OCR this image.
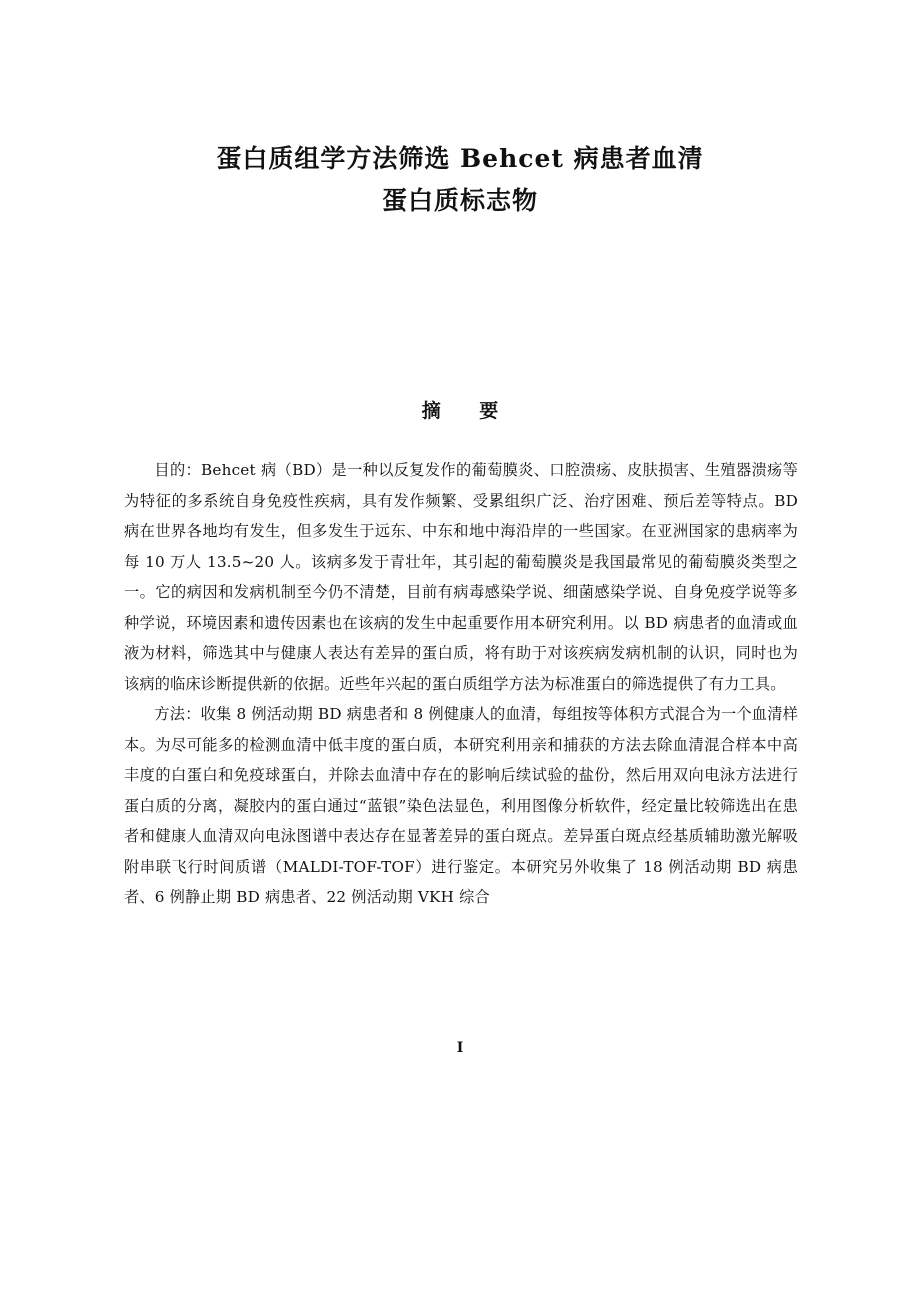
蛋白质组学方法筛选 Behcet 病患者血清
蛋白质标志物
摘 要

目的：Behcet 病（BD）是一种以反复发作的葡萄膜炎、口腔溃疡、皮肤损害、生殖器溃疡等为特征的多系统自身免疫性疾病，具有发作频繁、受累组织广泛、治疗困难、预后差等特点。BD 病在世界各地均有发生，但多发生于远东、中东和地中海沿岸的一些国家。在亚洲国家的患病率为每 10 万人 13.5~20 人。该病多发于青壮年，其引起的葡萄膜炎是我国最常见的葡萄膜炎类型之一。它的病因和发病机制至今仍不清楚，目前有病毒感染学说、细菌感染学说、自身免疫学说等多种学说，环境因素和遗传因素也在该病的发生中起重要作用本研究利用。以 BD 病患者的血清或血液为材料，筛选其中与健康人表达有差异的蛋白质，将有助于对该疾病发病机制的认识，同时也为该病的临床诊断提供新的依据。近些年兴起的蛋白质组学方法为标准蛋白的筛选提供了有力工具。

方法：收集 8 例活动期 BD 病患者和 8 例健康人的血清，每组按等体积方式混合为一个血清样本。为尽可能多的检测血清中低丰度的蛋白质，本研究利用亲和捕获的方法去除血清混合样本中高丰度的白蛋白和免疫球蛋白，并除去血清中存在的影响后续试验的盐份，然后用双向电泳方法进行蛋白质的分离，凝胶内的蛋白通过“蓝银”染色法显色，利用图像分析软件，经定量比较筛选出在患者和健康人血清双向电泳图谱中表达存在显著差异的蛋白斑点。差异蛋白斑点经基质辅助激光解吸附串联飞行时间质谱（MALDI-TOF-TOF）进行鉴定。本研究另外收集了 18 例活动期 BD 病患者、6 例静止期 BD 病患者、22 例活动期 VKH 综合

I
